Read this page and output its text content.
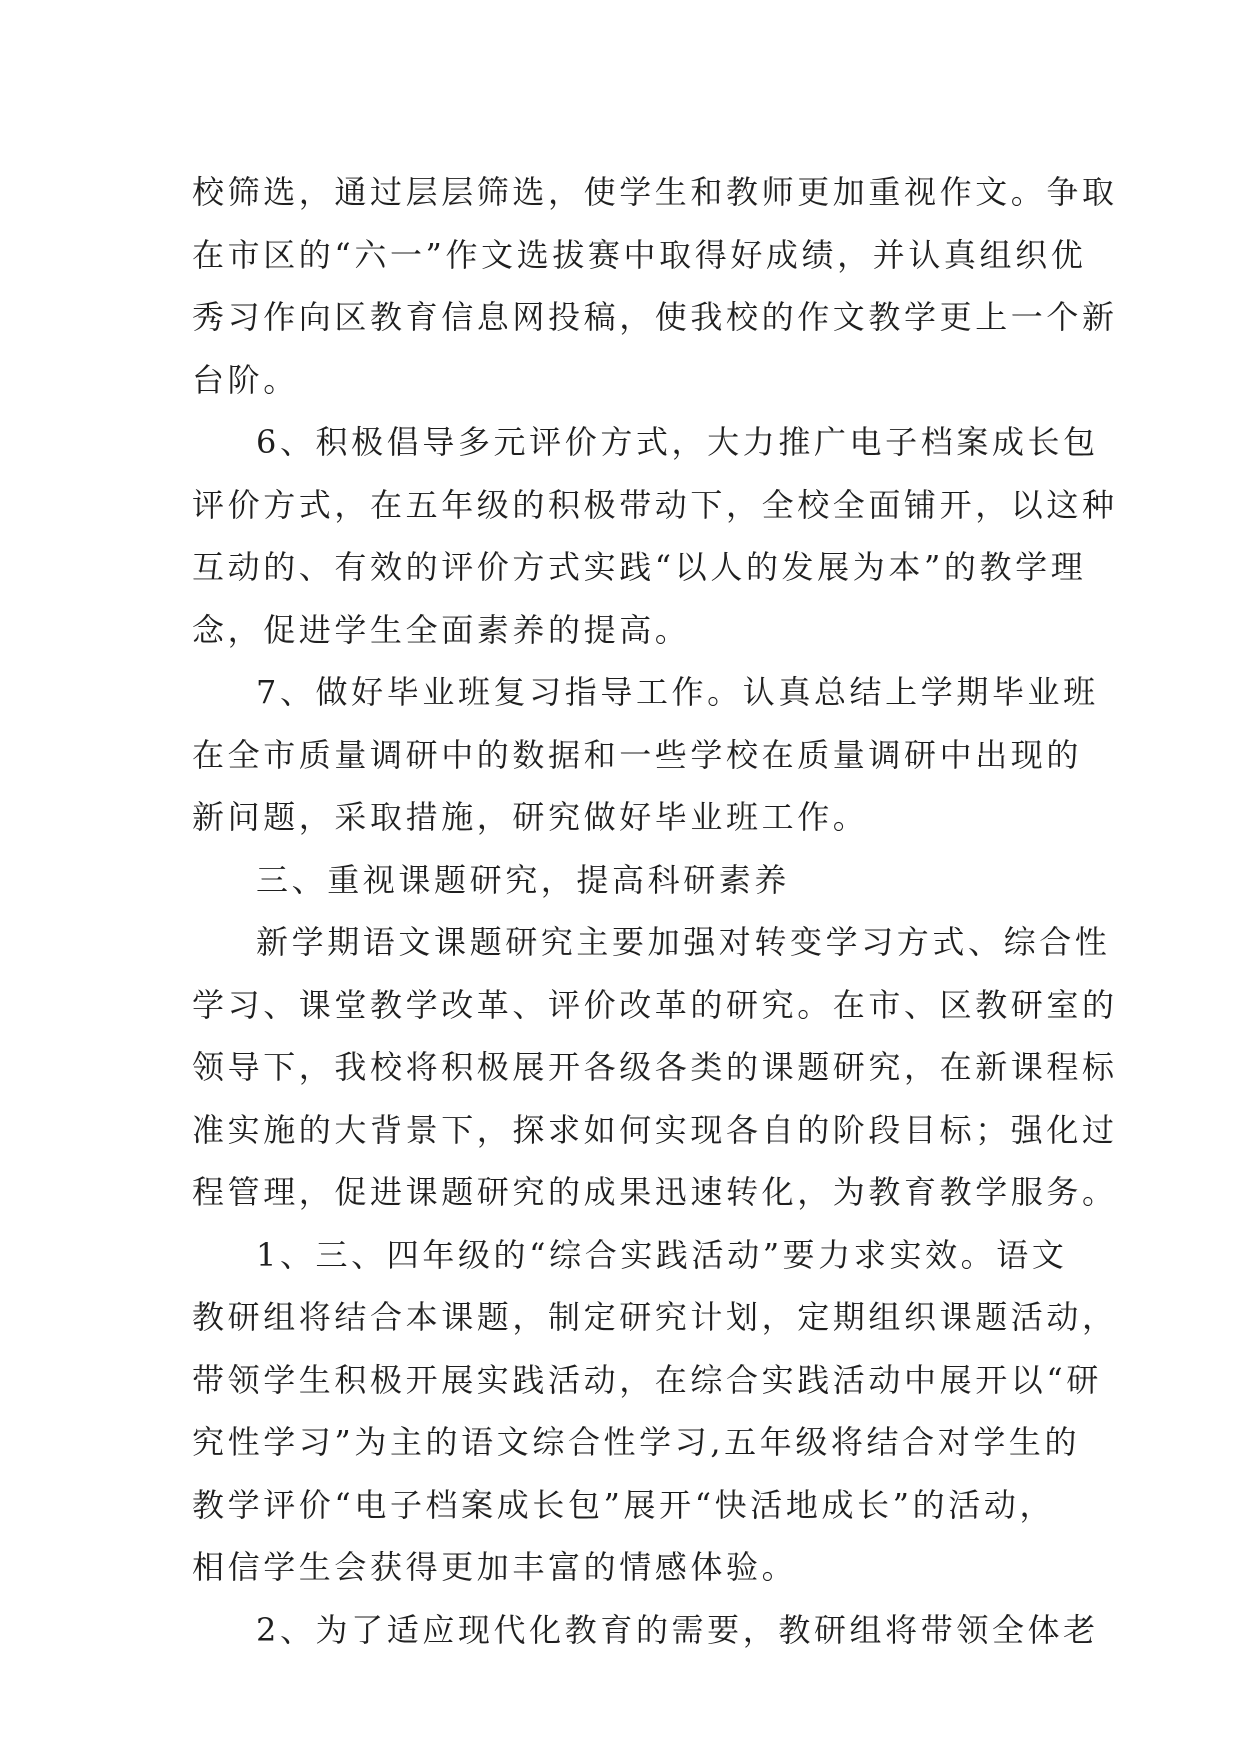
校筛选，通过层层筛选，使学生和教师更加重视作文。争取
在市区的“六一”作文选拔赛中取得好成绩，并认真组织优
秀习作向区教育信息网投稿，使我校的作文教学更上一个新
台阶。
6、积极倡导多元评价方式，大力推广电子档案成长包
评价方式，在五年级的积极带动下，全校全面铺开，以这种
互动的、有效的评价方式实践“以人的发展为本”的教学理
念，促进学生全面素养的提高。
7、做好毕业班复习指导工作。认真总结上学期毕业班
在全市质量调研中的数据和一些学校在质量调研中出现的
新问题，采取措施，研究做好毕业班工作。
三、重视课题研究，提高科研素养
新学期语文课题研究主要加强对转变学习方式、综合性
学习、课堂教学改革、评价改革的研究。在市、区教研室的
领导下，我校将积极展开各级各类的课题研究，在新课程标
准实施的大背景下，探求如何实现各自的阶段目标；强化过
程管理，促进课题研究的成果迅速转化，为教育教学服务。
1、三、四年级的“综合实践活动”要力求实效。语文
教研组将结合本课题，制定研究计划，定期组织课题活动，
带领学生积极开展实践活动，在综合实践活动中展开以“研
究性学习”为主的语文综合性学习,五年级将结合对学生的
教学评价“电子档案成长包”展开“快活地成长”的活动，
相信学生会获得更加丰富的情感体验。
2、为了适应现代化教育的需要，教研组将带领全体老
